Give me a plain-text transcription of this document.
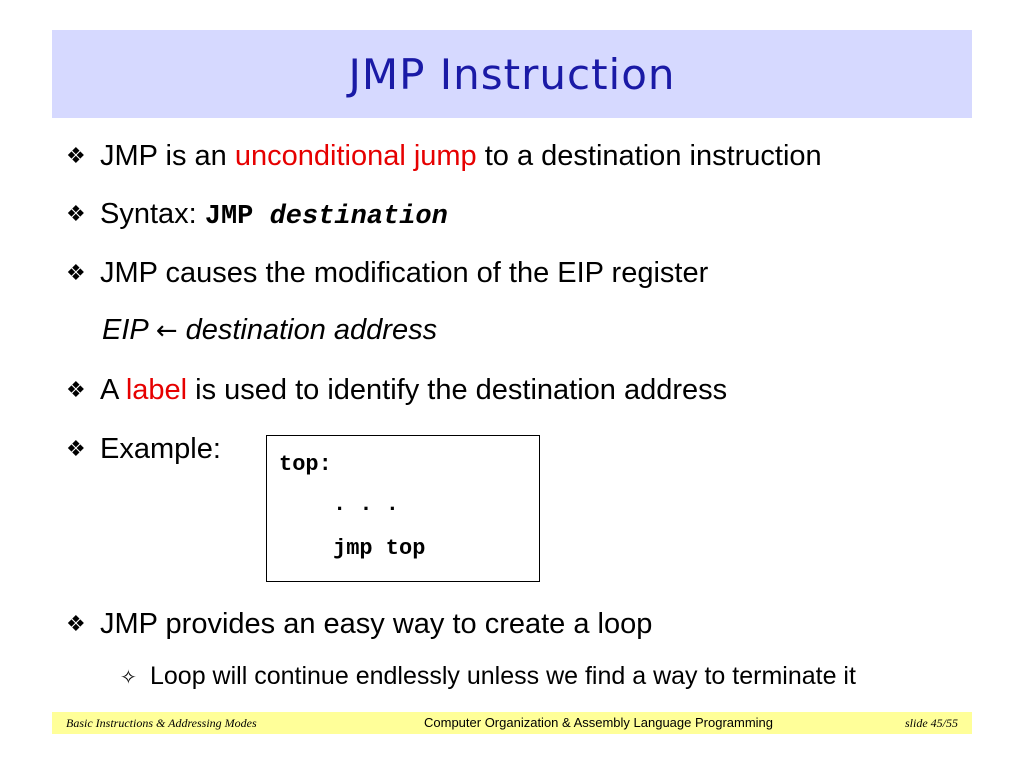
JMP Instruction
❖ JMP is an unconditional jump to a destination instruction
❖ Syntax: JMP destination
❖ JMP causes the modification of the EIP register
EIP ← destination address
❖ A label is used to identify the destination address
❖ Example:	top:
. . .
jmp top
❖ JMP provides an easy way to create a loop
✧ Loop will continue endlessly unless we find a way to terminate it
Basic Instructions & Addressing Modes	Computer Organization & Assembly Language Programming	slide 45/55
